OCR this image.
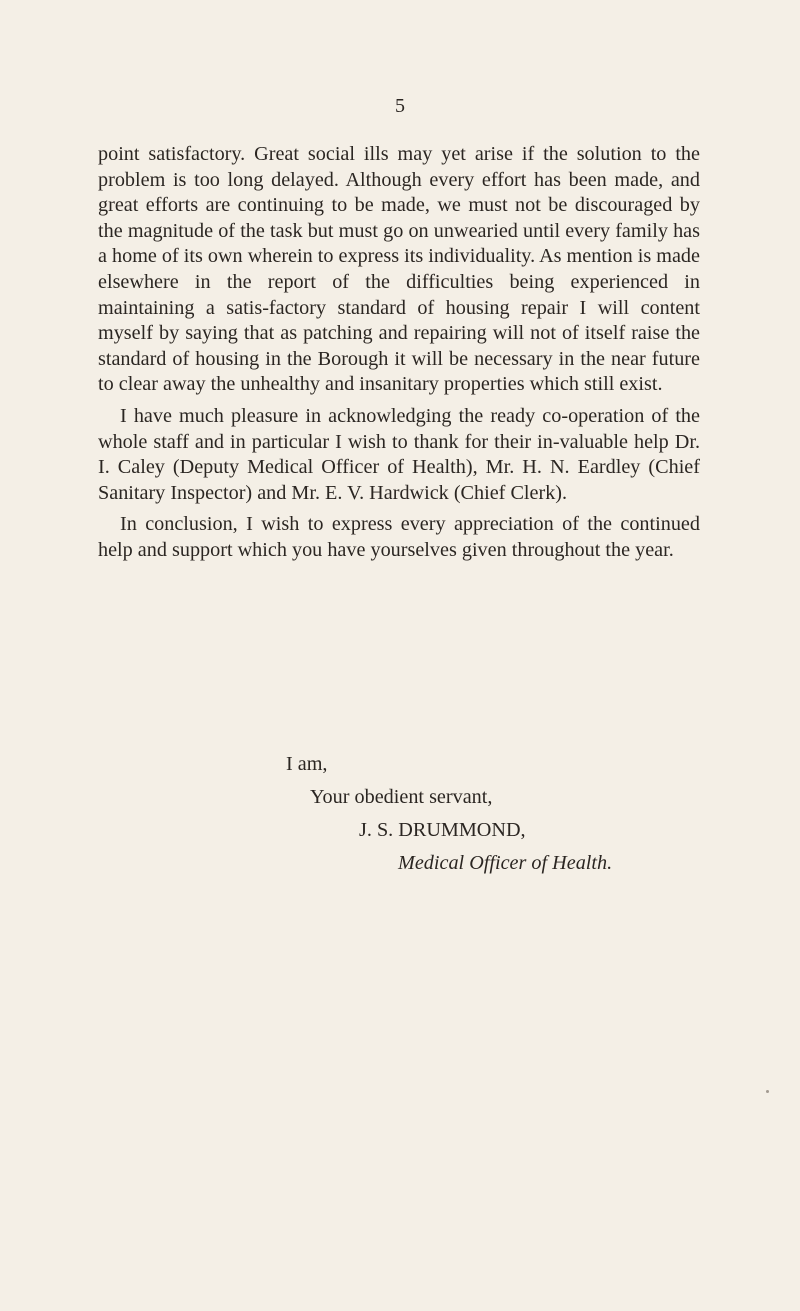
5

point satisfactory. Great social ills may yet arise if the solution to the problem is too long delayed. Although every effort has been made, and great efforts are continuing to be made, we must not be discouraged by the magnitude of the task but must go on unwearied until every family has a home of its own wherein to express its individuality. As mention is made elsewhere in the report of the difficulties being experienced in maintaining a satis-factory standard of housing repair I will content myself by saying that as patching and repairing will not of itself raise the standard of housing in the Borough it will be necessary in the near future to clear away the unhealthy and insanitary properties which still exist.

I have much pleasure in acknowledging the ready co-operation of the whole staff and in particular I wish to thank for their in-valuable help Dr. I. Caley (Deputy Medical Officer of Health), Mr. H. N. Eardley (Chief Sanitary Inspector) and Mr. E. V. Hardwick (Chief Clerk).

In conclusion, I wish to express every appreciation of the continued help and support which you have yourselves given throughout the year.

I am,
Your obedient servant,
J. S. DRUMMOND,
Medical Officer of Health.
